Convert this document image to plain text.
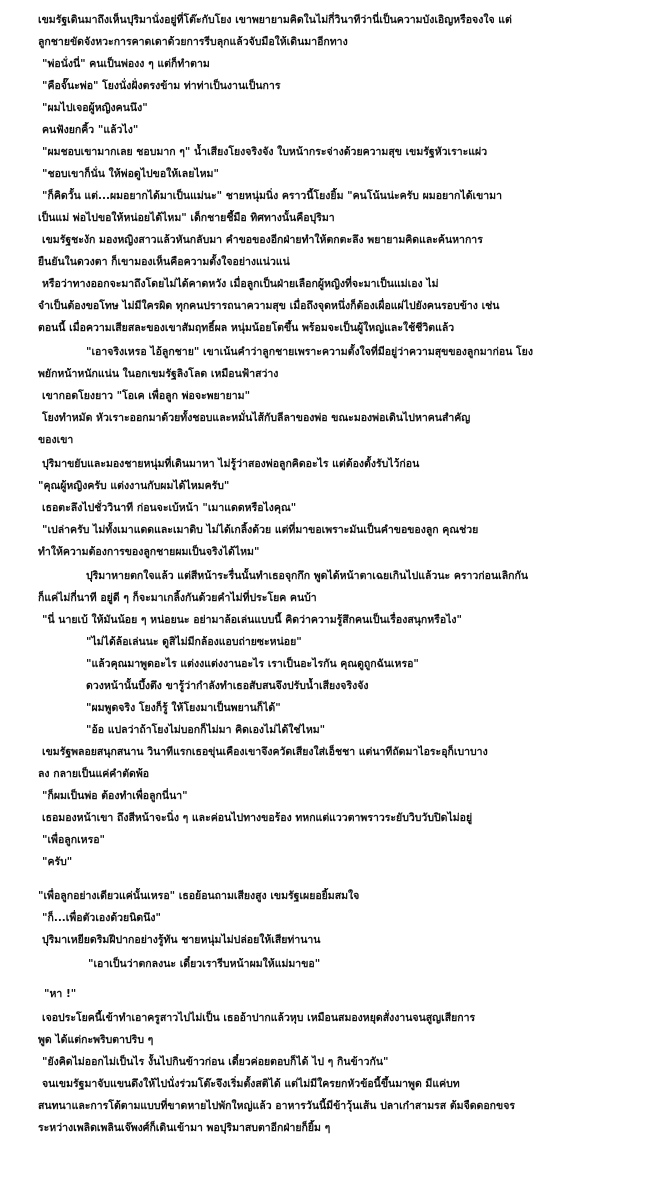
เขมรัฐเดินมาถึงเห็นปุริมานั่งอยู่ที่โต๊ะกับโยง เขาพยายามคิดในไม่กี่วินาทีว่านี่เป็นความบังเอิญหรือจงใจ แต่
ลูกชายขัดจังหวะการคาดเดาด้วยการรีบลุกแล้วจับมือให้เดินมาอีกทาง
"พ่อนั่งนี่" คนเป็นพ่องง ๆ แต่ก็ทำตาม
"คือจั๊นะพ่อ" โยงนั่งฝั่งตรงข้าม ท่าท่าเป็นงานเป็นการ
"ผมไปเจอผู้หญิงคนนึง"
คนฟังยกคิ้ว "แล้วไง"
"ผมชอบเขามากเลย ชอบมาก ๆ" น้ำเสียงโยงจริงจัง ใบหน้ากระจ่างด้วยความสุข เขมรัฐหัวเราะแผ่ว
"ชอบเขาก็นั่น ให้พ่อดูไปขอให้เลยไหม"
"ก็คิดวั้น แต่...ผมอยากได้มาเป็นแม่นะ" ชายหนุ่มนิ่ง คราวนี้โยงยิ้ม "คนโน้นน่ะครับ ผมอยากได้เขามา
เป็นแม่ พ่อไปขอให้หน่อยได้ไหม" เด็กชายชี้มือ ทิศทางนั้นคือปุริมา
เขมรัฐชะงัก มองหญิงสาวแล้วหันกลับมา คำขอของอีกฝ่ายทำให้ตกตะลึง พยายามคิดและค้นหาการ
ยืนยันในดวงตา ก็เขามองเห็นคือความตั้งใจอย่างแน่วแน่
หรือว่าทางออกจะมาถึงโดยไม่ได้คาดหวัง เมื่อลูกเป็นฝ่ายเลือกผู้หญิงที่จะมาเป็นแม่เอง ไม่
จำเป็นต้องขอโทษ ไม่มีใครผิด ทุกคนปรารถนาความสุข เมื่อถึงจุดหนึ่งก็ต้องเผื่อแผ่ไปยังคนรอบข้าง เช่น
ตอนนี้ เมื่อความเสียสละของเขาสัมฤทธิ์ผล หนุ่มน้อยโตขึ้น พร้อมจะเป็นผู้ใหญ่และใช้ชีวิตแล้ว
"เอาจริงเหรอ ไอ้ลูกชาย" เขาเน้นคำว่าลูกชายเพราะความตั้งใจที่มีอยู่ว่าความสุขของลูกมาก่อน โยง
พยักหน้าหนักแน่น ในอกเขมรัฐลิงโลด เหมือนฟ้าสว่าง
เขากอดโยงยาว "โอเค เพื่อลูก พ่อจะพยายาม"
โยงทำหมัด หัวเราะออกมาด้วยทั้งชอบและหมั่นไส้กับลีลาของพ่อ ขณะมองพ่อเดินไปหาคนสำคัญ
ของเขา
ปุริมาขยับและมองชายหนุ่มที่เดินมาหา ไม่รู้ว่าสองพ่อลูกคิดอะไร แต่ต้องตั้งรับไว้ก่อน
"คุณผู้หญิงครับ แต่งงานกับผมได้ไหมครับ"
เธอตะลึงไปชั่ววินาที ก่อนจะเบ้หน้า "เมาแดดหรือไงคุณ"
"เปล่าครับ ไม่ทั้งเมาแดดและเมาดิบ ไม่ได้เกลิ้งด้วย แต่ที่มาขอเพราะมันเป็นคำขอของลูก คุณช่วย
ทำให้ความต้องการของลูกชายผมเป็นจริงได้ไหม"
ปุริมาหายตกใจแล้ว แต่สีหน้าระรื่นนั้นทำเธอจุกกึก พูดได้หน้าตาเฉยเกินไปแล้วนะ คราวก่อนเลิกกัน
ก็แค่ไม่กี่นาที อยู่ดี ๆ ก็จะมาเกลิ้งกันด้วยคำไม่ที่ประโยค คนบ้า
"นี่ นายเบ้ ให้มันน้อย ๆ หน่อยนะ อย่ามาล้อเล่นแบบนี้ คิดว่าความรู้สึกคนเป็นเรื่องสนุกหรือไง"
"ไม่ได้ล้อเล่นนะ ดูสิไม่มีกล้องแอบถ่ายซะหน่อย"
"แล้วคุณมาพูดอะไร แต่งงแต่งงานอะไร เราเป็นอะไรกัน คุณดูถูกฉันเหรอ"
ดวงหน้านั้นบึ้งตึง ขารู้ว่ากำลังทำเธอสับสนจึงปรับน้ำเสียงจริงจัง
"ผมพูดจริง โยงก็รู้ ให้โยงมาเป็นพยานก็ได้"
"อ้อ แปลว่าถ้าโยงไม่บอกก็ไม่มา คิดเองไม่ได้ใช่ไหม"
เขมรัฐพลอยสนุกสนาน วินาทีแรกเธอขุ่นเคืองเขาจึงควัดเสียงใส่เอ็ชชา แต่นาทีถัดมาไอระอุก็เบาบาง
ลง กลายเป็นแค่คำตัดพ้อ
"ก็ผมเป็นพ่อ ต้องทำเพื่อลูกนี่นา"
เธอมองหน้าเขา ถึงสีหน้าจะนิ่ง ๆ และค่อนไปทางขอร้อง ทหกแต่แววตาพราวระยับวิบวับปิดไม่อยู่
"เพื่อลูกเหรอ"
"ครับ"
"เพื่อลูกอย่างเดียวแค่นั้นเหรอ" เธอย้อนถามเสียงสูง เขมรัฐเผยอยิ้มสมใจ
"ก็...เพื่อตัวเองด้วยนิดนึง"
ปุริมาเหยียดริมฝีปากอย่างรู้ทัน ชายหนุ่มไม่ปล่อยให้เสียท่านาน
"เอาเป็นว่าตกลงนะ เดี๋ยวเรารีบหน้าผมให้แม่มาขอ"
"หา !"
เจอประโยคนี้เข้าทำเอาครูสาวไปไม่เป็น เธออ้าปากแล้วหุบ เหมือนสมองหยุดสั่งงานจนสูญเสียการ
พูด ได้แต่กะพริบตาปริบ ๆ
"ยังคิดไม่ออกไม่เป็นไร งั้นไปกินข้าวก่อน เดี๋ยวค่อยตอบก็ได้ ไป ๆ กินข้าวกัน"
จนเขมรัฐมาจับแขนดึงให้ไปนั่งร่วมโต๊ะจึงเริ่มตั้งสติได้ แต่ไม่มีใครยกหัวข้อนี้ขึ้นมาพูด มีแค่บท
สนทนาและการโต้ตามแบบที่ขาดหายไปพักใหญ่แล้ว อาหารวันนี้มีข้าวุ้นเส้น ปลาเก๋าสามรส ต้มจืดดอกขจร
ระหว่างเพลิดเพลินเจ๊พงศ์ก็เดินเข้ามา พอปุริมาสบตาอีกฝ่ายก็ยิ้ม ๆ
